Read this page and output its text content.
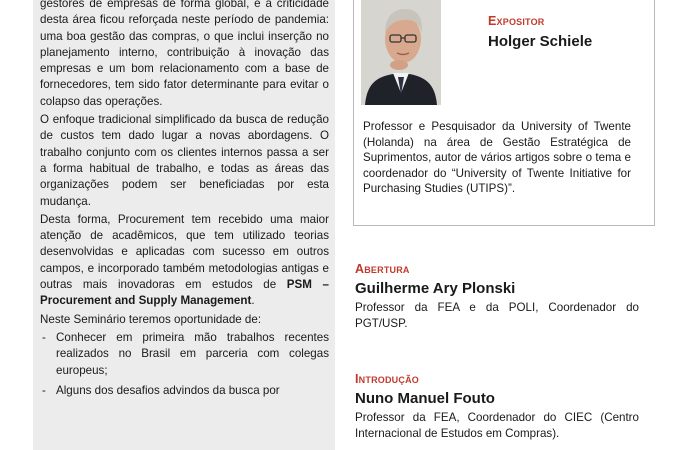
gestores de empresas de forma global, e a criticidade desta área ficou reforçada neste período de pandemia: uma boa gestão das compras, o que inclui inserção no planejamento interno, contribuição à inovação das empresas e um bom relacionamento com a base de fornecedores, tem sido fator determinante para evitar o colapso das operações.

O enfoque tradicional simplificado da busca de redução de custos tem dado lugar a novas abordagens. O trabalho conjunto com os clientes internos passa a ser a forma habitual de trabalho, e todas as áreas das organizações podem ser beneficiadas por esta mudança.

Desta forma, Procurement tem recebido uma maior atenção de acadêmicos, que tem utilizado teorias desenvolvidas e aplicadas com sucesso em outros campos, e incorporado também metodologias antigas e outras mais inovadoras em estudos de PSM – Procurement and Supply Management.

Neste Seminário teremos oportunidade de:

- Conhecer em primeira mão trabalhos recentes realizados no Brasil em parceria com colegas europeus;
- Alguns dos desafios advindos da busca por
Expositor
Holger Schiele
Professor e Pesquisador da University of Twente (Holanda) na área de Gestão Estratégica de Suprimentos, autor de vários artigos sobre o tema e coordenador do “University of Twente Initiative for Purchasing Studies (UTIPS)”.
Abertura
Guilherme Ary Plonski
Professor da FEA e da POLI, Coordenador do PGT/USP.
Introdução
Nuno Manuel Fouto
Professor da FEA, Coordenador do CIEC (Centro Internacional de Estudos em Compras).
